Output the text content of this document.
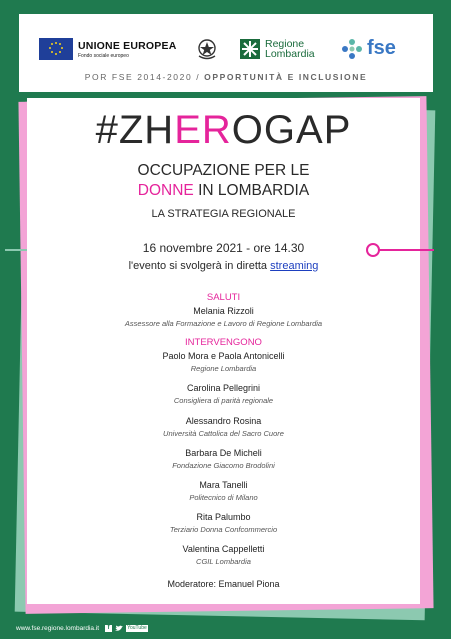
UNIONE EUROPEA
Fondo sociale europeo
Regione
Lombardia	fse
POR FSE 2014-2020 / OPPORTUNITÀ E INCLUSIONE
#ZHEROGAP
OCCUPAZIONE PER LE
DONNE IN LOMBARDIA
LA STRATEGIA REGIONALE
16 novembre 2021 - ore 14.30
l'evento si svolgerà in diretta streaming
SALUTI
Melania Rizzoli
Assessore alla Formazione e Lavoro di Regione Lombardia
INTERVENGONO
Paolo Mora e Paola Antonicelli
Regione Lombardia
Carolina Pellegrini
Consigliera di parità regionale
Alessandro Rosina
Università Cattolica del Sacro Cuore
Barbara De Micheli
Fondazione Giacomo Brodolini
Mara Tanelli
Politecnico di Milano
Rita Palumbo
Terziario Donna Confcommercio
Valentina Cappelletti
CGIL Lombardia
Moderatore: Emanuel Piona
www.fse.regione.lombardia.it	f	YouTube
